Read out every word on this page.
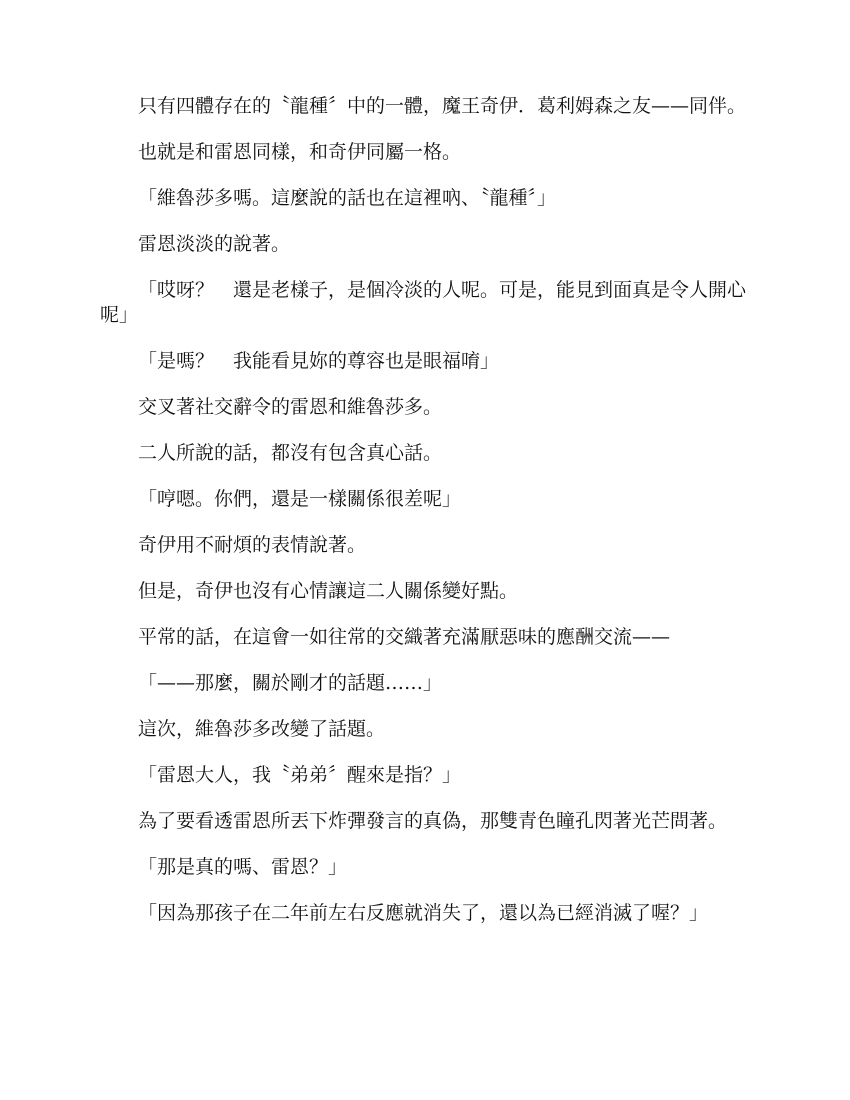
只有四體存在的〝龍種〞中的一體，魔王奇伊．葛利姆森之友——同伴。

也就是和雷恩同樣，和奇伊同屬一格。

「維魯莎多嗎。這麼說的話也在這裡吶、〝龍種〞」

雷恩淡淡的說著。

「哎呀？　還是老樣子，是個冷淡的人呢。可是，能見到面真是令人開心呢」

「是嗎？　我能看見妳的尊容也是眼福唷」

交叉著社交辭令的雷恩和維魯莎多。

二人所說的話，都沒有包含真心話。

「哼嗯。你們，還是一樣關係很差呢」

奇伊用不耐煩的表情說著。

但是，奇伊也沒有心情讓這二人關係變好點。

平常的話，在這會一如往常的交織著充滿厭惡味的應酬交流——

「——那麼，關於剛才的話題……」

這次，維魯莎多改變了話題。

「雷恩大人，我〝弟弟〞醒來是指？」

為了要看透雷恩所丟下炸彈發言的真偽，那雙青色瞳孔閃著光芒問著。

「那是真的嗎、雷恩？」

「因為那孩子在二年前左右反應就消失了，還以為已經消滅了喔？」
